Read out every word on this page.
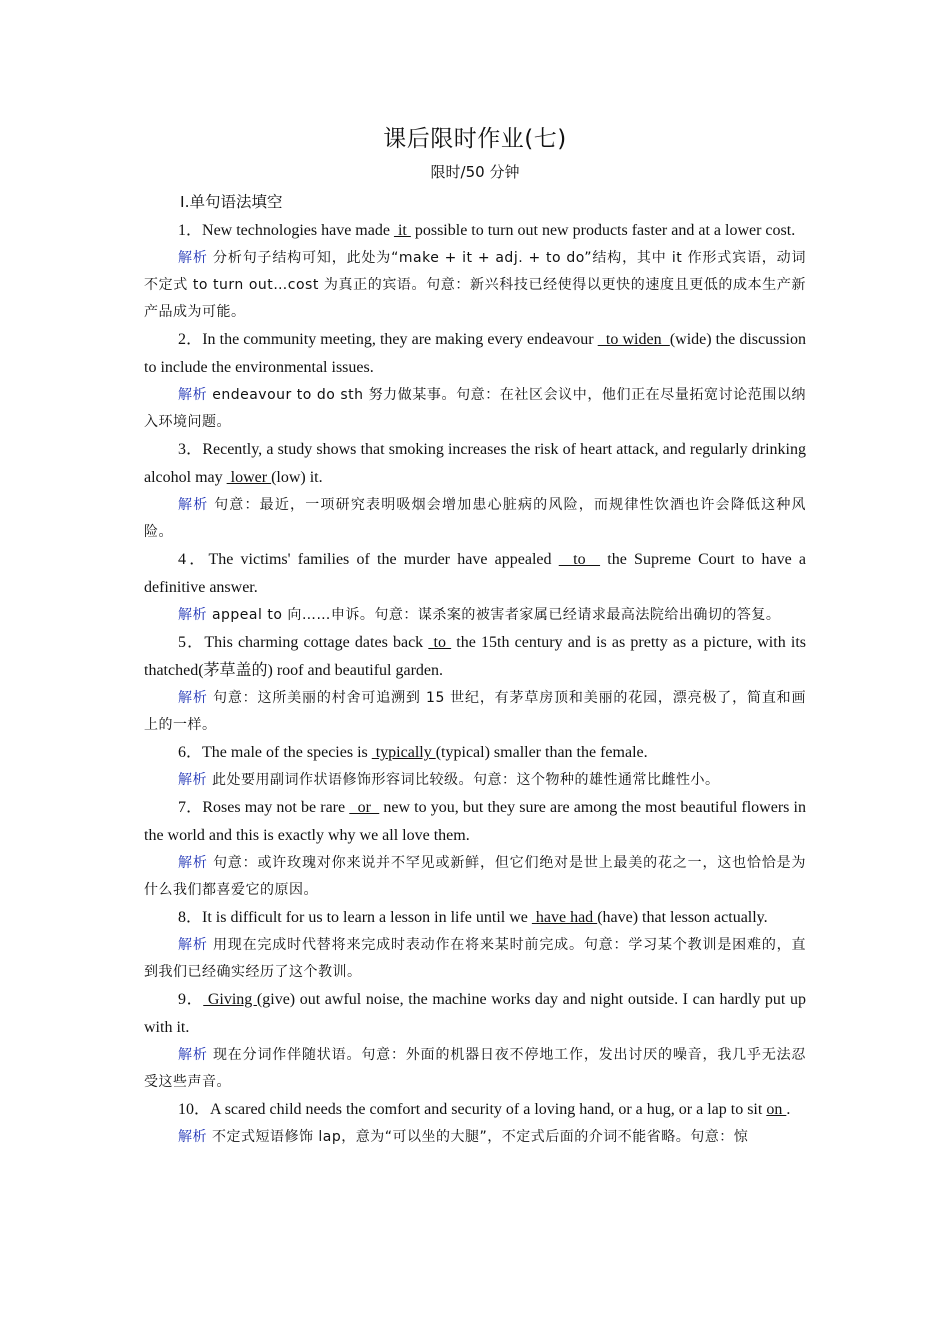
课后限时作业(七)
限时/50 分钟
Ⅰ.单句语法填空

1．New technologies have made  it  possible to turn out new products faster and at a lower cost.

解析 分析句子结构可知，此处为“make + it + adj. + to do”结构，其中 it 作形式宾语，动词不定式 to turn out…cost 为真正的宾语。句意：新兴科技已经使得以更快的速度且更低的成本生产新产品成为可能。

2．In the community meeting, they are making every endeavour   to widen  (wide) the discussion to include the environmental issues.

解析 endeavour to do sth 努力做某事。句意：在社区会议中，他们正在尽量拓宽讨论范围以纳入环境问题。

3．Recently, a study shows that smoking increases the risk of heart attack, and regularly drinking alcohol may  lower (low) it.

解析 句意：最近，一项研究表明吸烟会增加患心脏病的风险，而规律性饮酒也许会降低这种风险。

4．The victims' families of the murder have appealed   to   the Supreme Court to have a definitive answer.

解析 appeal to 向……申诉。句意：谋杀案的被害者家属已经请求最高法院给出确切的答复。

5．This charming cottage dates back  to  the 15th century and is as pretty as a picture, with its thatched(茅草盖的) roof and beautiful garden.

解析 句意：这所美丽的村舍可追溯到 15 世纪，有茅草房顶和美丽的花园，漂亮极了，简直和画上的一样。

6．The male of the species is  typically (typical) smaller than the female.

解析 此处要用副词作状语修饰形容词比较级。句意：这个物种的雄性通常比雌性小。

7．Roses may not be rare   or   new to you, but they sure are among the most beautiful flowers in the world and this is exactly why we all love them.

解析 句意：或许玫瑰对你来说并不罕见或新鲜，但它们绝对是世上最美的花之一，这也恰恰是为什么我们都喜爱它的原因。

8．It is difficult for us to learn a lesson in life until we  have had (have) that lesson actually.

解析 用现在完成时代替将来完成时表动作在将来某时前完成。句意：学习某个教训是困难的，直到我们已经确实经历了这个教训。

9． Giving (give) out awful noise, the machine works day and night outside. I can hardly put up with it.

解析 现在分词作伴随状语。句意：外面的机器日夜不停地工作，发出讨厌的噪音，我几乎无法忍受这些声音。

10．A scared child needs the comfort and security of a loving hand, or a hug, or a lap to sit on .

解析 不定式短语修饰 lap，意为“可以坐的大腿”，不定式后面的介词不能省略。句意：惊
